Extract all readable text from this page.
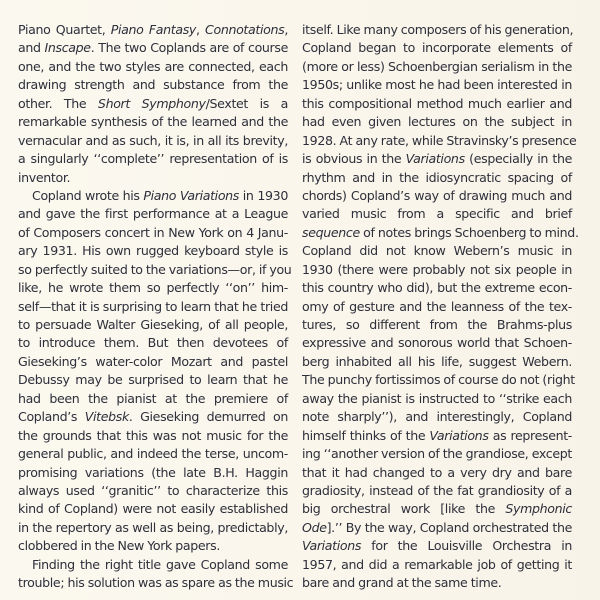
Piano Quartet, Piano Fantasy, Connotations,
and Inscape. The two Coplands are of course
one, and the two styles are connected, each
drawing strength and substance from the
other. The Short Symphony/Sextet is a
remarkable synthesis of the learned and the
vernacular and as such, it is, in all its brevity,
a singularly ‘‘complete’’ representation of is
inventor.
Copland wrote his Piano Variations in 1930
and gave the first performance at a League
of Composers concert in New York on 4 Janu-
ary 1931. His own rugged keyboard style is
so perfectly suited to the variations—or, if you
like, he wrote them so perfectly ‘‘on’’ him-
self—that it is surprising to learn that he tried
to persuade Walter Gieseking, of all people,
to introduce them. But then devotees of
Gieseking’s water-color Mozart and pastel
Debussy may be surprised to learn that he
had been the pianist at the premiere of
Copland’s Vitebsk. Gieseking demurred on
the grounds that this was not music for the
general public, and indeed the terse, uncom-
promising variations (the late B.H. Haggin
always used ‘‘granitic’’ to characterize this
kind of Copland) were not easily established
in the repertory as well as being, predictably,
clobbered in the New York papers.
Finding the right title gave Copland some
trouble; his solution was as spare as the music
itself. Like many composers of his generation,
Copland began to incorporate elements of
(more or less) Schoenbergian serialism in the
1950s; unlike most he had been interested in
this compositional method much earlier and
had even given lectures on the subject in
1928. At any rate, while Stravinsky’s presence
is obvious in the Variations (especially in the
rhythm and in the idiosyncratic spacing of
chords) Copland’s way of drawing much and
varied music from a specific and brief
sequence of notes brings Schoenberg to mind.
Copland did not know Webern’s music in
1930 (there were probably not six people in
this country who did), but the extreme econ-
omy of gesture and the leanness of the tex-
tures, so different from the Brahms-plus
expressive and sonorous world that Schoen-
berg inhabited all his life, suggest Webern.
The punchy fortissimos of course do not (right
away the pianist is instructed to ‘‘strike each
note sharply’’), and interestingly, Copland
himself thinks of the Variations as represent-
ing ‘‘another version of the grandiose, except
that it had changed to a very dry and bare
gradiosity, instead of the fat grandiosity of a
big orchestral work [like the Symphonic
Ode].’’ By the way, Copland orchestrated the
Variations for the Louisville Orchestra in
1957, and did a remarkable job of getting it
bare and grand at the same time.
